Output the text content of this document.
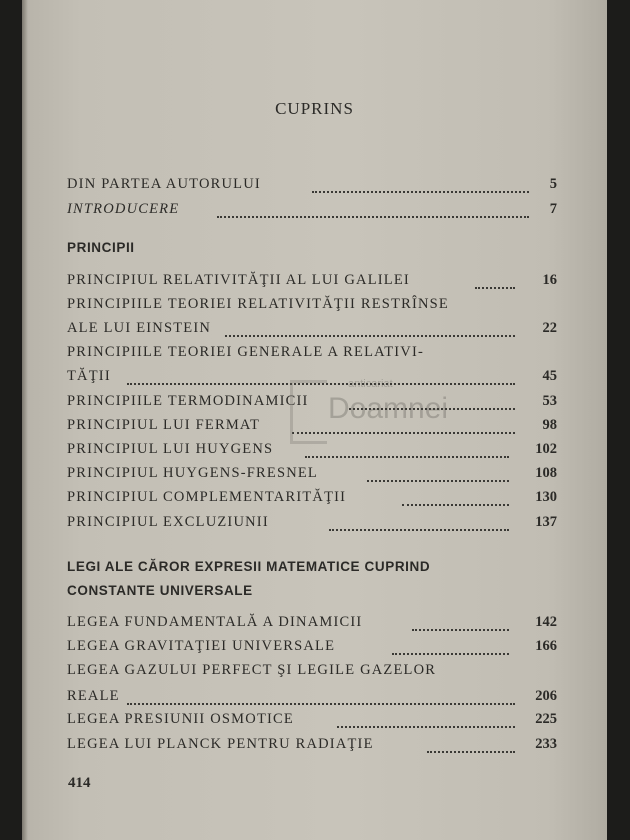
CUPRINS
DIN PARTEA AUTORULUI	5
INTRODUCERE	7
PRINCIPII
PRINCIPIUL RELATIVITĂŢII AL LUI GALILEI	16
PRINCIPIILE TEORIEI RELATIVITĂŢII RESTRÎNSE
ALE LUI EINSTEIN	22
PRINCIPIILE TEORIEI GENERALE A RELATIVI-
TĂŢII	45
PRINCIPIILE TERMODINAMICII	53
PRINCIPIUL LUI FERMAT	98
PRINCIPIUL LUI HUYGENS	102
PRINCIPIUL HUYGENS-FRESNEL	108
PRINCIPIUL COMPLEMENTARITĂŢII	130
PRINCIPIUL EXCLUZIUNII	137
LEGI ALE CĂROR EXPRESII MATEMATICE CUPRIND
CONSTANTE UNIVERSALE
LEGEA FUNDAMENTALĂ A DINAMICII	142
LEGEA GRAVITAŢIEI UNIVERSALE	166
LEGEA GAZULUI PERFECT ŞI LEGILE GAZELOR
REALE	206
LEGEA PRESIUNII OSMOTICE	225
LEGEA LUI PLANCK PENTRU RADIAŢIE	233
414
anticariat
Doamnei
